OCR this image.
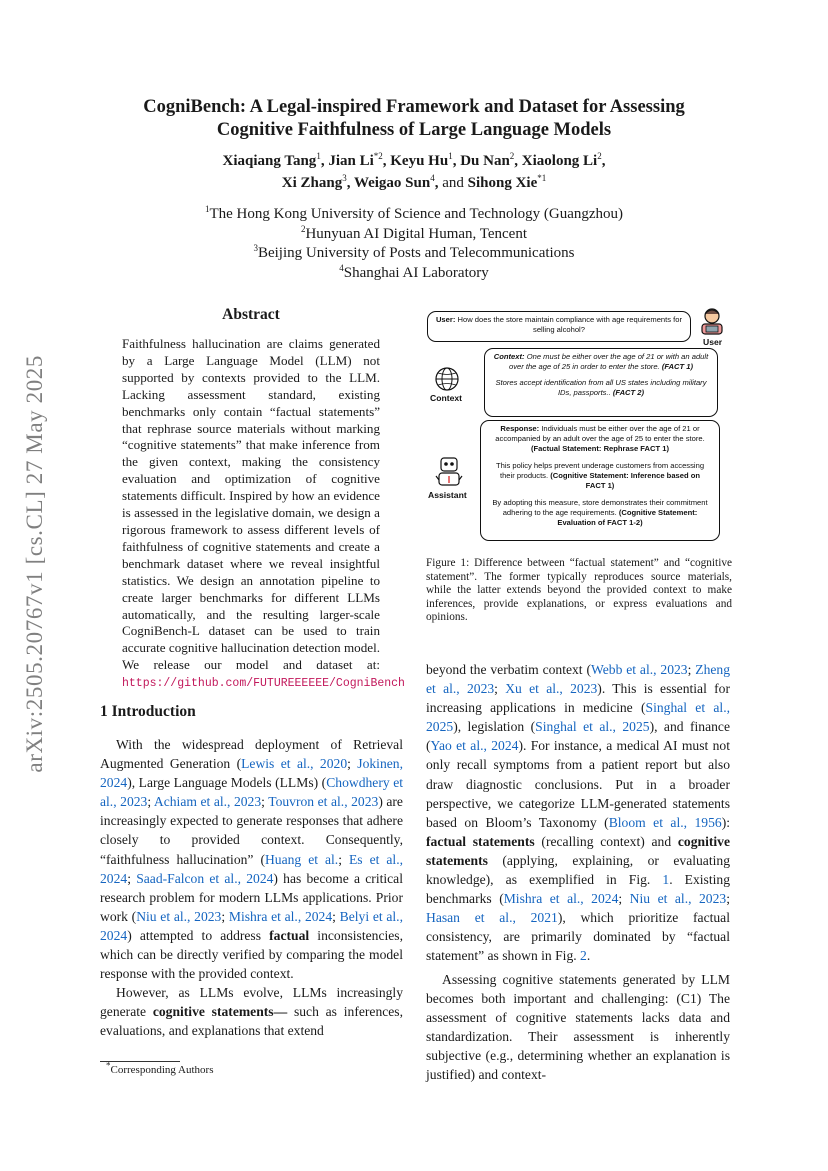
arXiv:2505.20767v1 [cs.CL] 27 May 2025
CogniBench: A Legal-inspired Framework and Dataset for Assessing
Cognitive Faithfulness of Large Language Models
Xiaqiang Tang$^1$, Jian Li$^{*2}$, Keyu Hu$^1$, Du Nan$^2$, Xiaolong Li$^2$,
Xi Zhang$^3$, Weigao Sun$^4$, and Sihong Xie$^{*1}$
$^1$The Hong Kong University of Science and Technology (Guangzhou)
$^2$Hunyuan AI Digital Human, Tencent
$^3$Beijing University of Posts and Telecommunications
$^4$Shanghai AI Laboratory
Abstract
Faithfulness hallucination are claims generated by a Large Language Model (LLM) not supported by contexts provided to the LLM. Lacking assessment standard, existing benchmarks only contain “factual statements” that rephrase source materials without marking “cognitive statements” that make inference from the given context, making the consistency evaluation and optimization of cognitive statements difficult. Inspired by how an evidence is assessed in the legislative domain, we design a rigorous framework to assess different levels of faithfulness of cognitive statements and create a benchmark dataset where we reveal insightful statistics. We design an annotation pipeline to create larger benchmarks for different LLMs automatically, and the resulting larger-scale CogniBench-L dataset can be used to train accurate cognitive hallucination detection model. We release our model and dataset at: https://github.com/FUTUREEEEEE/CogniBench
User: How does the store maintain compliance with age requirements for selling alcohol?
User
Context
Context: One must be either over the age of 21 or with an adult over the age of 25 in order to enter the store. (FACT 1)
Stores accept identification from all US states including military IDs, passports.. (FACT 2)
Assistant
Response: Individuals must be either over the age of 21 or accompanied by an adult over the age of 25 to enter the store. (Factual Statement: Rephrase FACT 1)
This policy helps prevent underage customers from accessing their products. (Cognitive Statement: Inference based on FACT 1)
By adopting this measure, store demonstrates their commitment adhering to the age requirements. (Cognitive Statement: Evaluation of FACT 1-2)
Figure 1: Difference between “factual statement” and “cognitive statement”. The former typically reproduces source materials, while the latter extends beyond the provided context to make inferences, provide explanations, or express evaluations and opinions.
1 Introduction

With the widespread deployment of Retrieval Augmented Generation (Lewis et al., 2020; Jokinen, 2024), Large Language Models (LLMs) (Chowdhery et al., 2023; Achiam et al., 2023; Touvron et al., 2023) are increasingly expected to generate responses that adhere closely to provided context. Consequently, “faithfulness hallucination” (Huang et al.; Es et al., 2024; Saad-Falcon et al., 2024) has become a critical research problem for modern LLMs applications. Prior work (Niu et al., 2023; Mishra et al., 2024; Belyi et al., 2024) attempted to address factual inconsistencies, which can be directly verified by comparing the model response with the provided context.

However, as LLMs evolve, LLMs increasingly generate cognitive statements— such as inferences, evaluations, and explanations that extend

beyond the verbatim context (Webb et al., 2023; Zheng et al., 2023; Xu et al., 2023). This is essential for increasing applications in medicine (Singhal et al., 2025), legislation (Singhal et al., 2025), and finance (Yao et al., 2024). For instance, a medical AI must not only recall symptoms from a patient report but also draw diagnostic conclusions. Put in a broader perspective, we categorize LLM-generated statements based on Bloom’s Taxonomy (Bloom et al., 1956): factual statements (recalling context) and cognitive statements (applying, explaining, or evaluating knowledge), as exemplified in Fig. 1. Existing benchmarks (Mishra et al., 2024; Niu et al., 2023; Hasan et al., 2021), which prioritize factual consistency, are primarily dominated by “factual statement” as shown in Fig. 2.

Assessing cognitive statements generated by LLM becomes both important and challenging: (C1) The assessment of cognitive statements lacks data and standardization. Their assessment is inherently subjective (e.g., determining whether an explanation is justified) and context-

*Corresponding Authors
